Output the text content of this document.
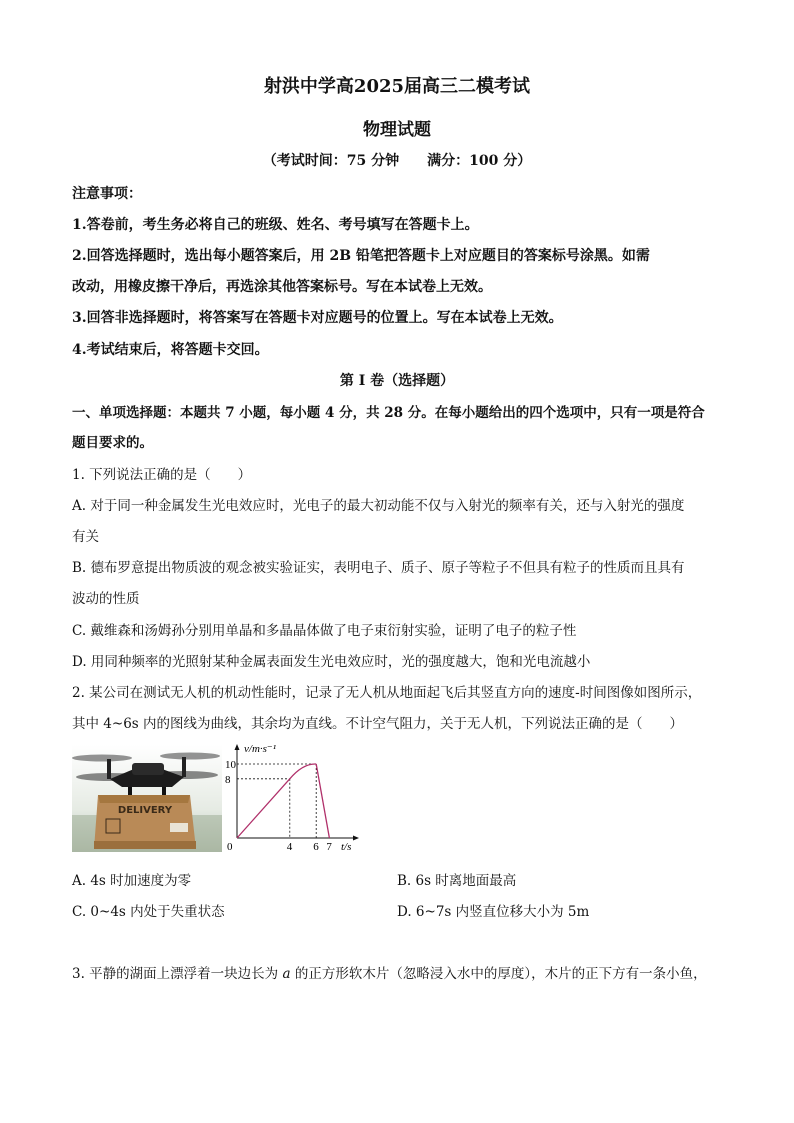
射洪中学高2025届高三二模考试
物理试题
（考试时间：75 分钟　　满分：100 分）
注意事项：
1.答卷前，考生务必将自己的班级、姓名、考号填写在答题卡上。
2.回答选择题时，选出每小题答案后，用 2B 铅笔把答题卡上对应题目的答案标号涂黑。如需
改动，用橡皮擦干净后，再选涂其他答案标号。写在本试卷上无效。
3.回答非选择题时，将答案写在答题卡对应题号的位置上。写在本试卷上无效。
4.考试结束后，将答题卡交回。
第 I 卷（选择题）
一、单项选择题：本题共 7 小题，每小题 4 分，共 28 分。在每小题给出的四个选项中，只有一项是符合
题目要求的。
1. 下列说法正确的是（　　）
A. 对于同一种金属发生光电效应时，光电子的最大初动能不仅与入射光的频率有关，还与入射光的强度
有关
B. 德布罗意提出物质波的观念被实验证实，表明电子、质子、原子等粒子不但具有粒子的性质而且具有
波动的性质
C. 戴维森和汤姆孙分别用单晶和多晶晶体做了电子束衍射实验，证明了电子的粒子性
D. 用同种频率的光照射某种金属表面发生光电效应时，光的强度越大，饱和光电流越小
2. 某公司在测试无人机的机动性能时，记录了无人机从地面起飞后其竖直方向的速度-时间图像如图所示，
其中 4~6s 内的图线为曲线，其余均为直线。不计空气阻力，关于无人机，下列说法正确的是（　　）
DELIVERY
v/m·s⁻¹
0	t/s
4 6 7
10
8
A. 4s 时加速度为零	B. 6s 时离地面最高
C. 0~4s 内处于失重状态	D. 6~7s 内竖直位移大小为 5m
3. 平静的湖面上漂浮着一块边长为 a 的正方形软木片（忽略浸入水中的厚度），木片的正下方有一条小鱼，
